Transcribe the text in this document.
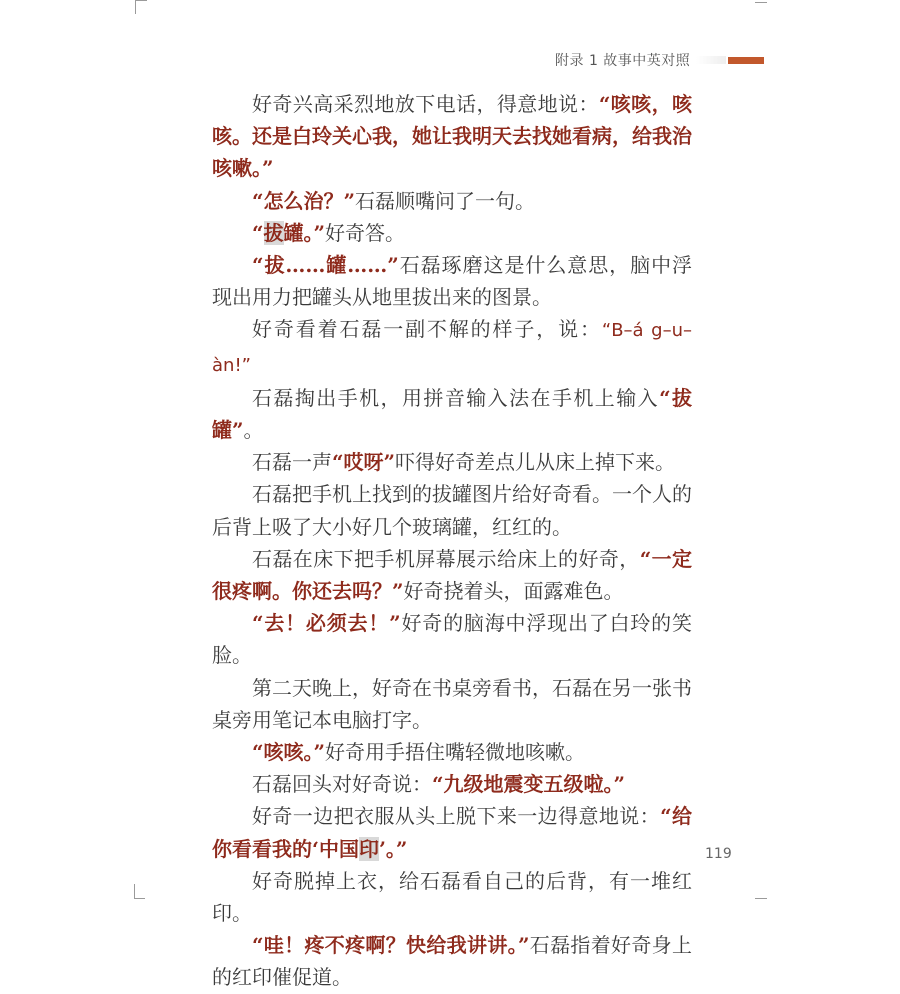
附录 1 故事中英对照

好奇兴高采烈地放下电话，得意地说：“咳咳，咳咳。还是白玲关心我，她让我明天去找她看病，给我治咳嗽。”

“怎么治？”石磊顺嘴问了一句。

“拔罐。”好奇答。

“拔……罐……”石磊琢磨这是什么意思，脑中浮现出用力把罐头从地里拔出来的图景。

好奇看着石磊一副不解的样子，说：“B–á g–u–àn!”

石磊掏出手机，用拼音输入法在手机上输入“拔罐”。

石磊一声“哎呀”吓得好奇差点儿从床上掉下来。

石磊把手机上找到的拔罐图片给好奇看。一个人的后背上吸了大小好几个玻璃罐，红红的。

石磊在床下把手机屏幕展示给床上的好奇，“一定很疼啊。你还去吗？”好奇挠着头，面露难色。

“去！必须去！”好奇的脑海中浮现出了白玲的笑脸。

第二天晚上，好奇在书桌旁看书，石磊在另一张书桌旁用笔记本电脑打字。

“咳咳。”好奇用手捂住嘴轻微地咳嗽。

石磊回头对好奇说：“九级地震变五级啦。”

好奇一边把衣服从头上脱下来一边得意地说：“给你看看我的‘中国印’。”

好奇脱掉上衣，给石磊看自己的后背，有一堆红印。

“哇！疼不疼啊？快给我讲讲。”石磊指着好奇身上的红印催促道。

119
